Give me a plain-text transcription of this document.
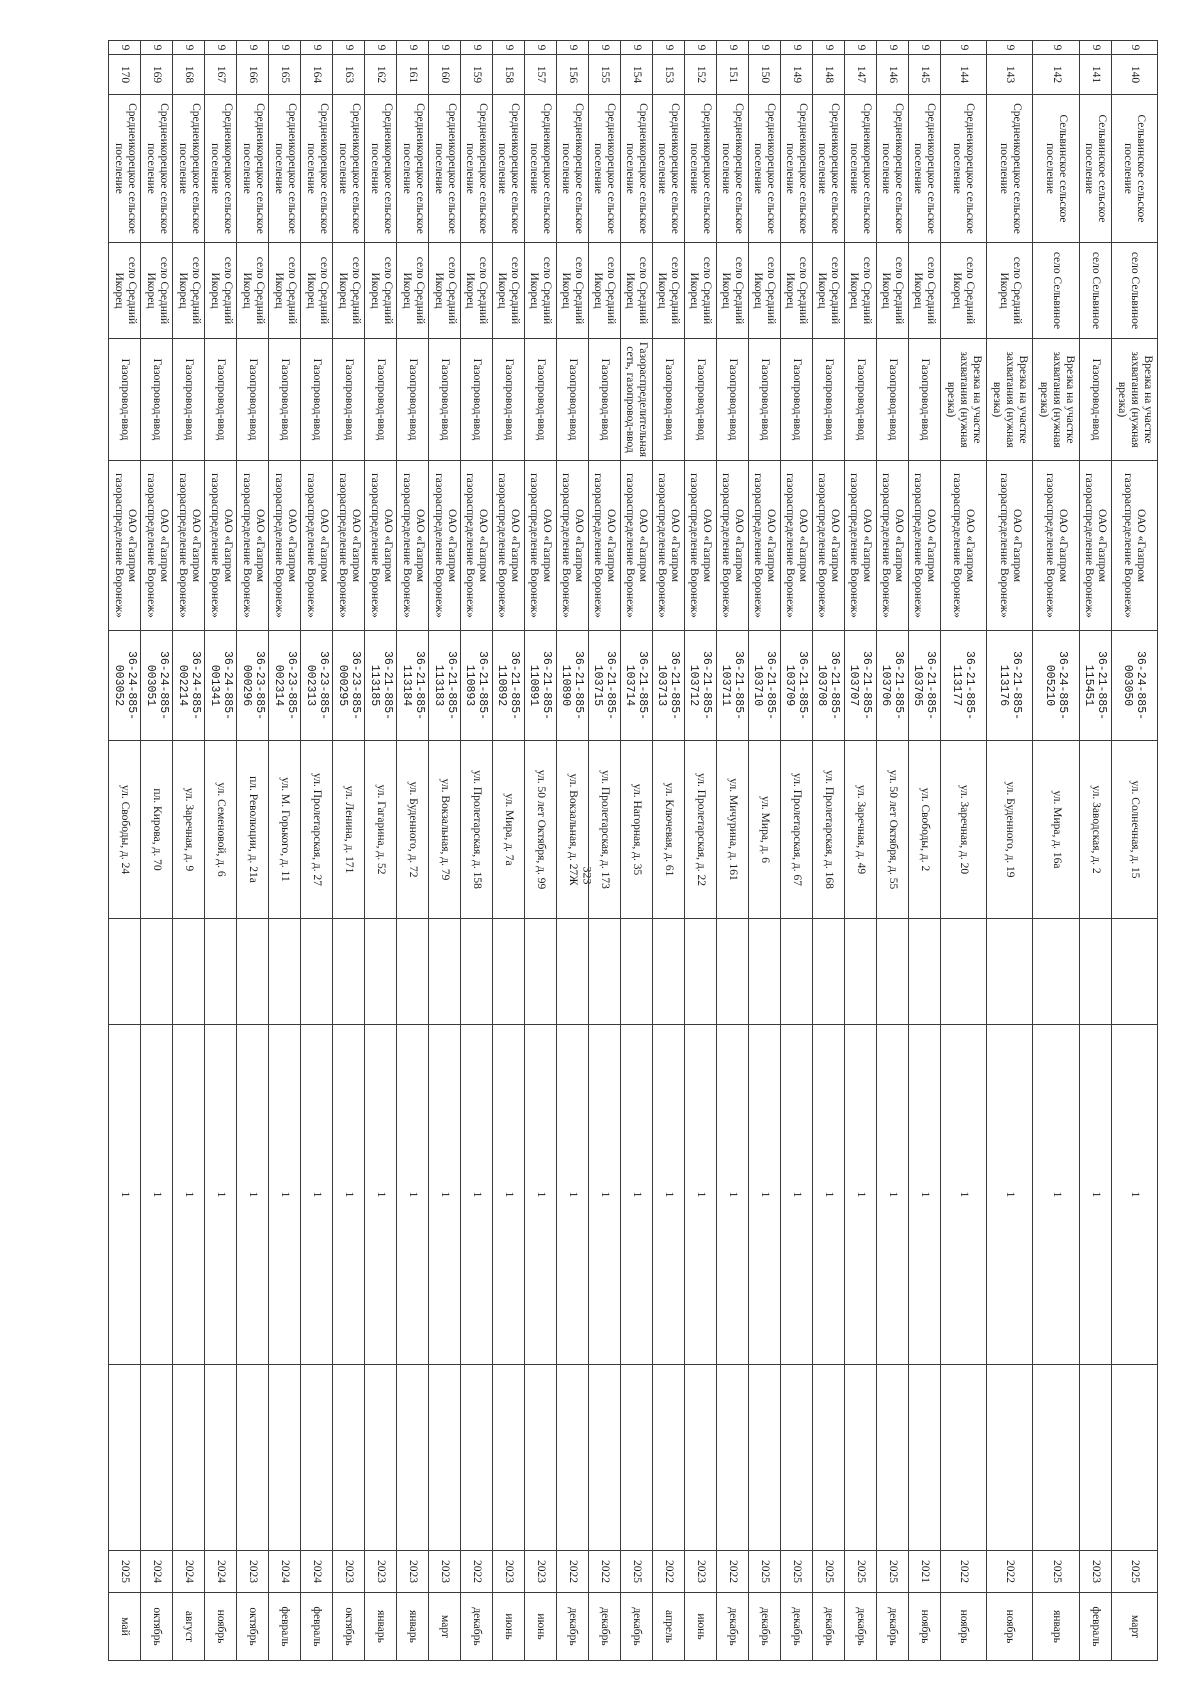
323
9	140	Сельвинское сельское поселение	село Сельвиное	Врезка на участке захватания (нужная врезка)	ОАО «Газпром газораспределение Воронеж»	36-24-885-003050	ул. Солнечная, д. 15		1		2025	март
9	141	Сельвинское сельское поселение	село Сельвиное	Газопровод-ввод	ОАО «Газпром газораспределение Воронеж»	36-21-885-115451	ул. Заводская, д. 2		1		2023	февраль
9	142	Сельвинское сельское поселение	село Сельвиное	Врезка на участке захватания (нужная врезка)	ОАО «Газпром газораспределение Воронеж»	36-24-885-005210	ул. Мира, д. 16а		1		2025	январь
9	143	Среднеикорецкое сельское поселение	село Средний Икорец	Врезка на участке захватания (нужная врезка)	ОАО «Газпром газораспределение Воронеж»	36-21-885-113176	ул. Буденного, д. 19		1		2022	ноябрь
9	144	Среднеикорецкое сельское поселение	село Средний Икорец	Врезка на участке захватания (нужная врезка)	ОАО «Газпром газораспределение Воронеж»	36-21-885-113177	ул. Заречная, д. 20		1		2022	ноябрь
9	145	Среднеикорецкое сельское поселение	село Средний Икорец	Газопровод-ввод	ОАО «Газпром газораспределение Воронеж»	36-21-885-103705	ул. Свободы, д. 2		1		2021	ноябрь
9	146	Среднеикорецкое сельское поселение	село Средний Икорец	Газопровод-ввод	ОАО «Газпром газораспределение Воронеж»	36-21-885-103706	ул. 50 лет Октября, д. 55		1		2025	декабрь
9	147	Среднеикорецкое сельское поселение	село Средний Икорец	Газопровод-ввод	ОАО «Газпром газораспределение Воронеж»	36-21-885-103707	ул. Заречная, д. 49		1		2025	декабрь
9	148	Среднеикорецкое сельское поселение	село Средний Икорец	Газопровод-ввод	ОАО «Газпром газораспределение Воронеж»	36-21-885-103708	ул. Пролетарская, д. 168		1		2025	декабрь
9	149	Среднеикорецкое сельское поселение	село Средний Икорец	Газопровод-ввод	ОАО «Газпром газораспределение Воронеж»	36-21-885-103709	ул. Пролетарская, д. 67		1		2025	декабрь
9	150	Среднеикорецкое сельское поселение	село Средний Икорец	Газопровод-ввод	ОАО «Газпром газораспределение Воронеж»	36-21-885-103710	ул. Мира, д. 6		1		2025	декабрь
9	151	Среднеикорецкое сельское поселение	село Средний Икорец	Газопровод-ввод	ОАО «Газпром газораспределение Воронеж»	36-21-885-103711	ул. Мичурина, д. 161		1		2022	декабрь
9	152	Среднеикорецкое сельское поселение	село Средний Икорец	Газопровод-ввод	ОАО «Газпром газораспределение Воронеж»	36-21-885-103712	ул. Пролетарская, д. 22		1		2023	июнь
9	153	Среднеикорецкое сельское поселение	село Средний Икорец	Газопровод-ввод	ОАО «Газпром газораспределение Воронеж»	36-21-885-103713	ул. Ключевая, д. 61		1		2022	апрель
9	154	Среднеикорецкое сельское поселение	село Средний Икорец	Газораспределительная сеть, газопровод-ввод	ОАО «Газпром газораспределение Воронеж»	36-21-885-103714	ул. Нагорная, д. 35		1		2025	декабрь
9	155	Среднеикорецкое сельское поселение	село Средний Икорец	Газопровод-ввод	ОАО «Газпром газораспределение Воронеж»	36-21-885-103715	ул. Пролетарская, д. 173		1		2022	декабрь
9	156	Среднеикорецкое сельское поселение	село Средний Икорец	Газопровод-ввод	ОАО «Газпром газораспределение Воронеж»	36-21-885-110890	ул. Вокзальная, д. 27Ж		1		2022	декабрь
9	157	Среднеикорецкое сельское поселение	село Средний Икорец	Газопровод-ввод	ОАО «Газпром газораспределение Воронеж»	36-21-885-110891	ул. 50 лет Октября, д. 99		1		2023	июнь
9	158	Среднеикорецкое сельское поселение	село Средний Икорец	Газопровод-ввод	ОАО «Газпром газораспределение Воронеж»	36-21-885-110892	ул. Мира, д. 7а		1		2023	июнь
9	159	Среднеикорецкое сельское поселение	село Средний Икорец	Газопровод-ввод	ОАО «Газпром газораспределение Воронеж»	36-21-885-110893	ул. Пролетарская, д. 158		1		2022	декабрь
9	160	Среднеикорецкое сельское поселение	село Средний Икорец	Газопровод-ввод	ОАО «Газпром газораспределение Воронеж»	36-21-885-113183	ул. Вокзальная, д. 79		1		2023	март
9	161	Среднеикорецкое сельское поселение	село Средний Икорец	Газопровод-ввод	ОАО «Газпром газораспределение Воронеж»	36-21-885-113184	ул. Буденного, д. 72		1		2023	январь
9	162	Среднеикорецкое сельское поселение	село Средний Икорец	Газопровод-ввод	ОАО «Газпром газораспределение Воронеж»	36-21-885-113185	ул. Гагарина, д. 52		1		2023	январь
9	163	Среднеикорецкое сельское поселение	село Средний Икорец	Газопровод-ввод	ОАО «Газпром газораспределение Воронеж»	36-23-885-000295	ул. Ленина, д. 171		1		2023	октябрь
9	164	Среднеикорецкое сельское поселение	село Средний Икорец	Газопровод-ввод	ОАО «Газпром газораспределение Воронеж»	36-23-885-002313	ул. Пролетарская, д. 27		1		2024	февраль
9	165	Среднеикорецкое сельское поселение	село Средний Икорец	Газопровод-ввод	ОАО «Газпром газораспределение Воронеж»	36-23-885-002314	ул. М. Горького, д. 11		1		2024	февраль
9	166	Среднеикорецкое сельское поселение	село Средний Икорец	Газопровод-ввод	ОАО «Газпром газораспределение Воронеж»	36-23-885-000296	пл. Революции, д. 21а		1		2023	октябрь
9	167	Среднеикорецкое сельское поселение	село Средний Икорец	Газопровод-ввод	ОАО «Газпром газораспределение Воронеж»	36-24-885-001341	ул. Семеновой, д. 6		1		2024	ноябрь
9	168	Среднеикорецкое сельское поселение	село Средний Икорец	Газопровод-ввод	ОАО «Газпром газораспределение Воронеж»	36-24-885-002214	ул. Заречная, д. 9		1		2024	август
9	169	Среднеикорецкое сельское поселение	село Средний Икорец	Газопровод-ввод	ОАО «Газпром газораспределение Воронеж»	36-24-885-003051	пл. Кирова, д. 70		1		2024	октябрь
9	170	Среднеикорецкое сельское поселение	село Средний Икорец	Газопровод-ввод	ОАО «Газпром газораспределение Воронеж»	36-24-885-003052	ул. Свободы, д. 24		1		2025	май
